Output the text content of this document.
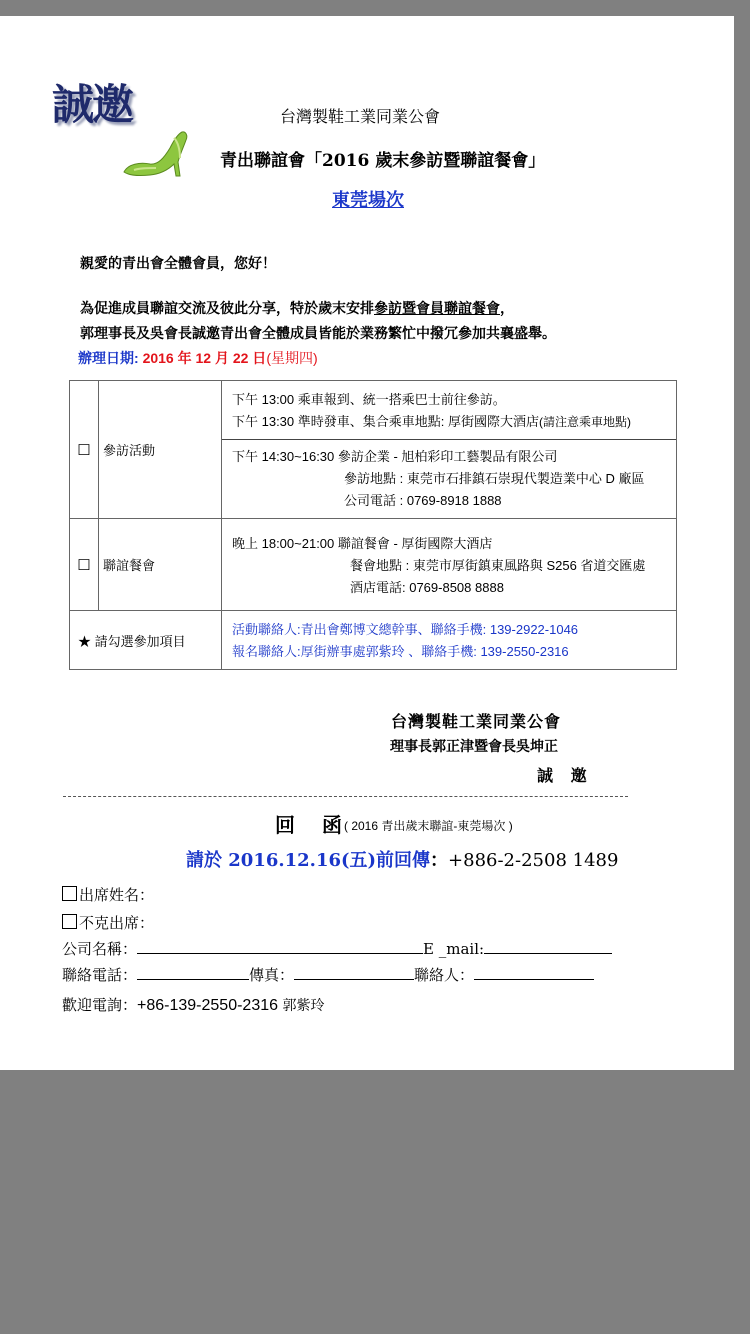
誠邀	台灣製鞋工業同業公會
青出聯誼會「2016 歲末參訪暨聯誼餐會」
東莞場次
親愛的青出會全體會員，您好！
為促進成員聯誼交流及彼此分享，特於歲末安排參訪暨會員聯誼餐會，
郭理事長及吳會長誠邀青出會全體成員皆能於業務繁忙中撥冗參加共襄盛舉。
辦理日期: 2016 年 12 月 22 日(星期四)
☐	參訪活動	下午 13:00 乘車報到、統一搭乘巴士前往參訪。
下午 13:30 準時發車、集合乘車地點: 厚街國際大酒店(請注意乘車地點)
下午 14:30~16:30 參訪企業 - 旭柏彩印工藝製品有限公司
參訪地點 : 東莞市石排鎮石崇現代製造業中心 D 廠區
公司電話 : 0769-8918 1888

☐	聯誼餐會	晚上 18:00~21:00 聯誼餐會 - 厚街國際大酒店
餐會地點 : 東莞市厚街鎮東風路與 S256 省道交匯處
酒店電話: 0769-8508 8888

★ 請勾選參加項目		活動聯絡人:青出會鄭博文總幹事、聯絡手機: 139-2922-1046
報名聯絡人:厚街辦事處郭紫玲 、聯絡手機: 139-2550-2316
台灣製鞋工業同業公會
理事長郭正津暨會長吳坤正
誠 邀
回 函
( 2016 青出歲末聯誼-東莞場次 )
請於 2016.12.16(五)前回傳：+886-2-2508 1489
出席姓名：
不克出席：
公司名稱：	E _mail:
聯絡電話：	傳真：	聯絡人：
歡迎電詢：+86-139-2550-2316 郭紫玲
